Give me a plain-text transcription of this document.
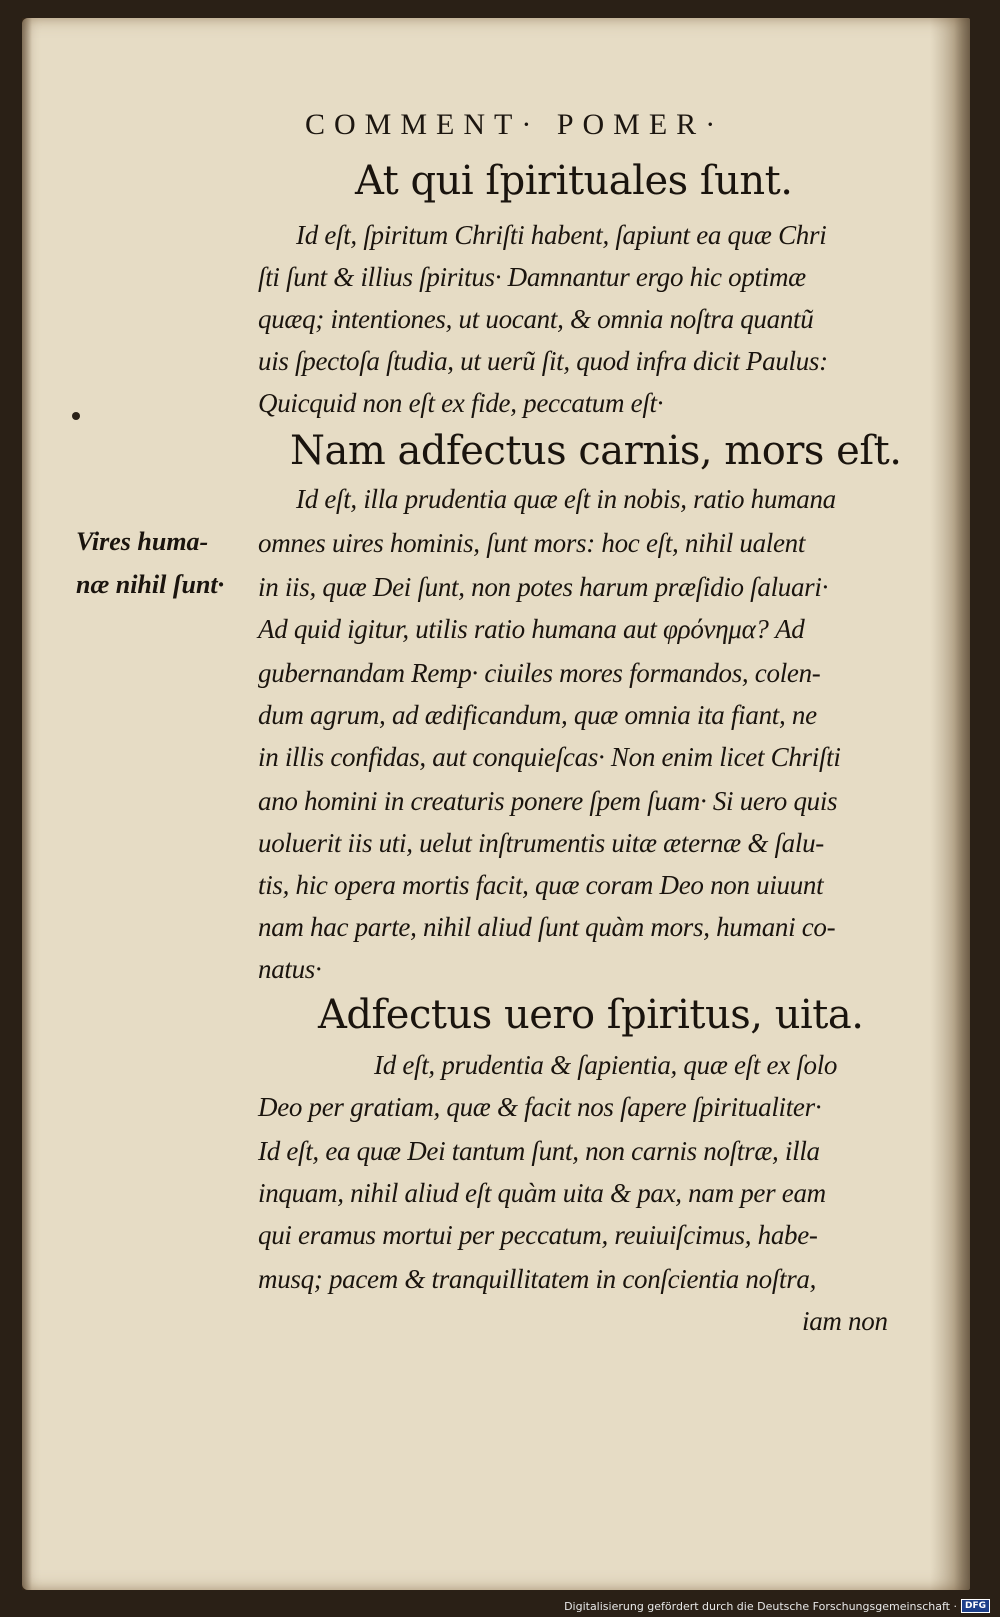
COMMENT· POMER·
At qui ſpirituales ſunt.
Id eſt, ſpiritum Chriſti habent, ſapiunt ea quæ Chri
ſti ſunt & illius ſpiritus· Damnantur ergo hic optimæ
quæq; intentiones, ut uocant, & omnia noſtra quantũ
uis ſpectoſa ſtudia, ut uerũ ſit, quod infra dicit Paulus:
Quicquid non eſt ex fide, peccatum eſt·
Nam adfectus carnis, mors eſt.
Id eſt, illa prudentia quæ eſt in nobis, ratio humana
omnes uires hominis, ſunt mors: hoc eſt, nihil ualent
in iis, quæ Dei ſunt, non potes harum præſidio ſaluari·
Ad quid igitur, utilis ratio humana aut φρόνημα? Ad
gubernandam Remp· ciuiles mores formandos, colen-
dum agrum, ad ædificandum, quæ omnia ita fiant, ne
in illis confidas, aut conquieſcas· Non enim licet Chriſti
ano homini in creaturis ponere ſpem ſuam· Si uero quis
uoluerit iis uti, uelut inſtrumentis uitæ æternæ & ſalu-
tis, hic opera mortis facit, quæ coram Deo non uiuunt
nam hac parte, nihil aliud ſunt quàm mors, humani co-
natus·
Vires huma-
næ nihil ſunt·
Adfectus uero ſpiritus, uita.
Id eſt, prudentia & ſapientia, quæ eſt ex ſolo
Deo per gratiam, quæ & facit nos ſapere ſpiritualiter·
Id eſt, ea quæ Dei tantum ſunt, non carnis noſtræ, illa
inquam, nihil aliud eſt quàm uita & pax, nam per eam
qui eramus mortui per peccatum, reuiuiſcimus, habe-
musq; pacem & tranquillitatem in conſcientia noſtra,
iam non
Digitalisierung gefördert durch die Deutsche Forschungsgemeinschaft · DFG
